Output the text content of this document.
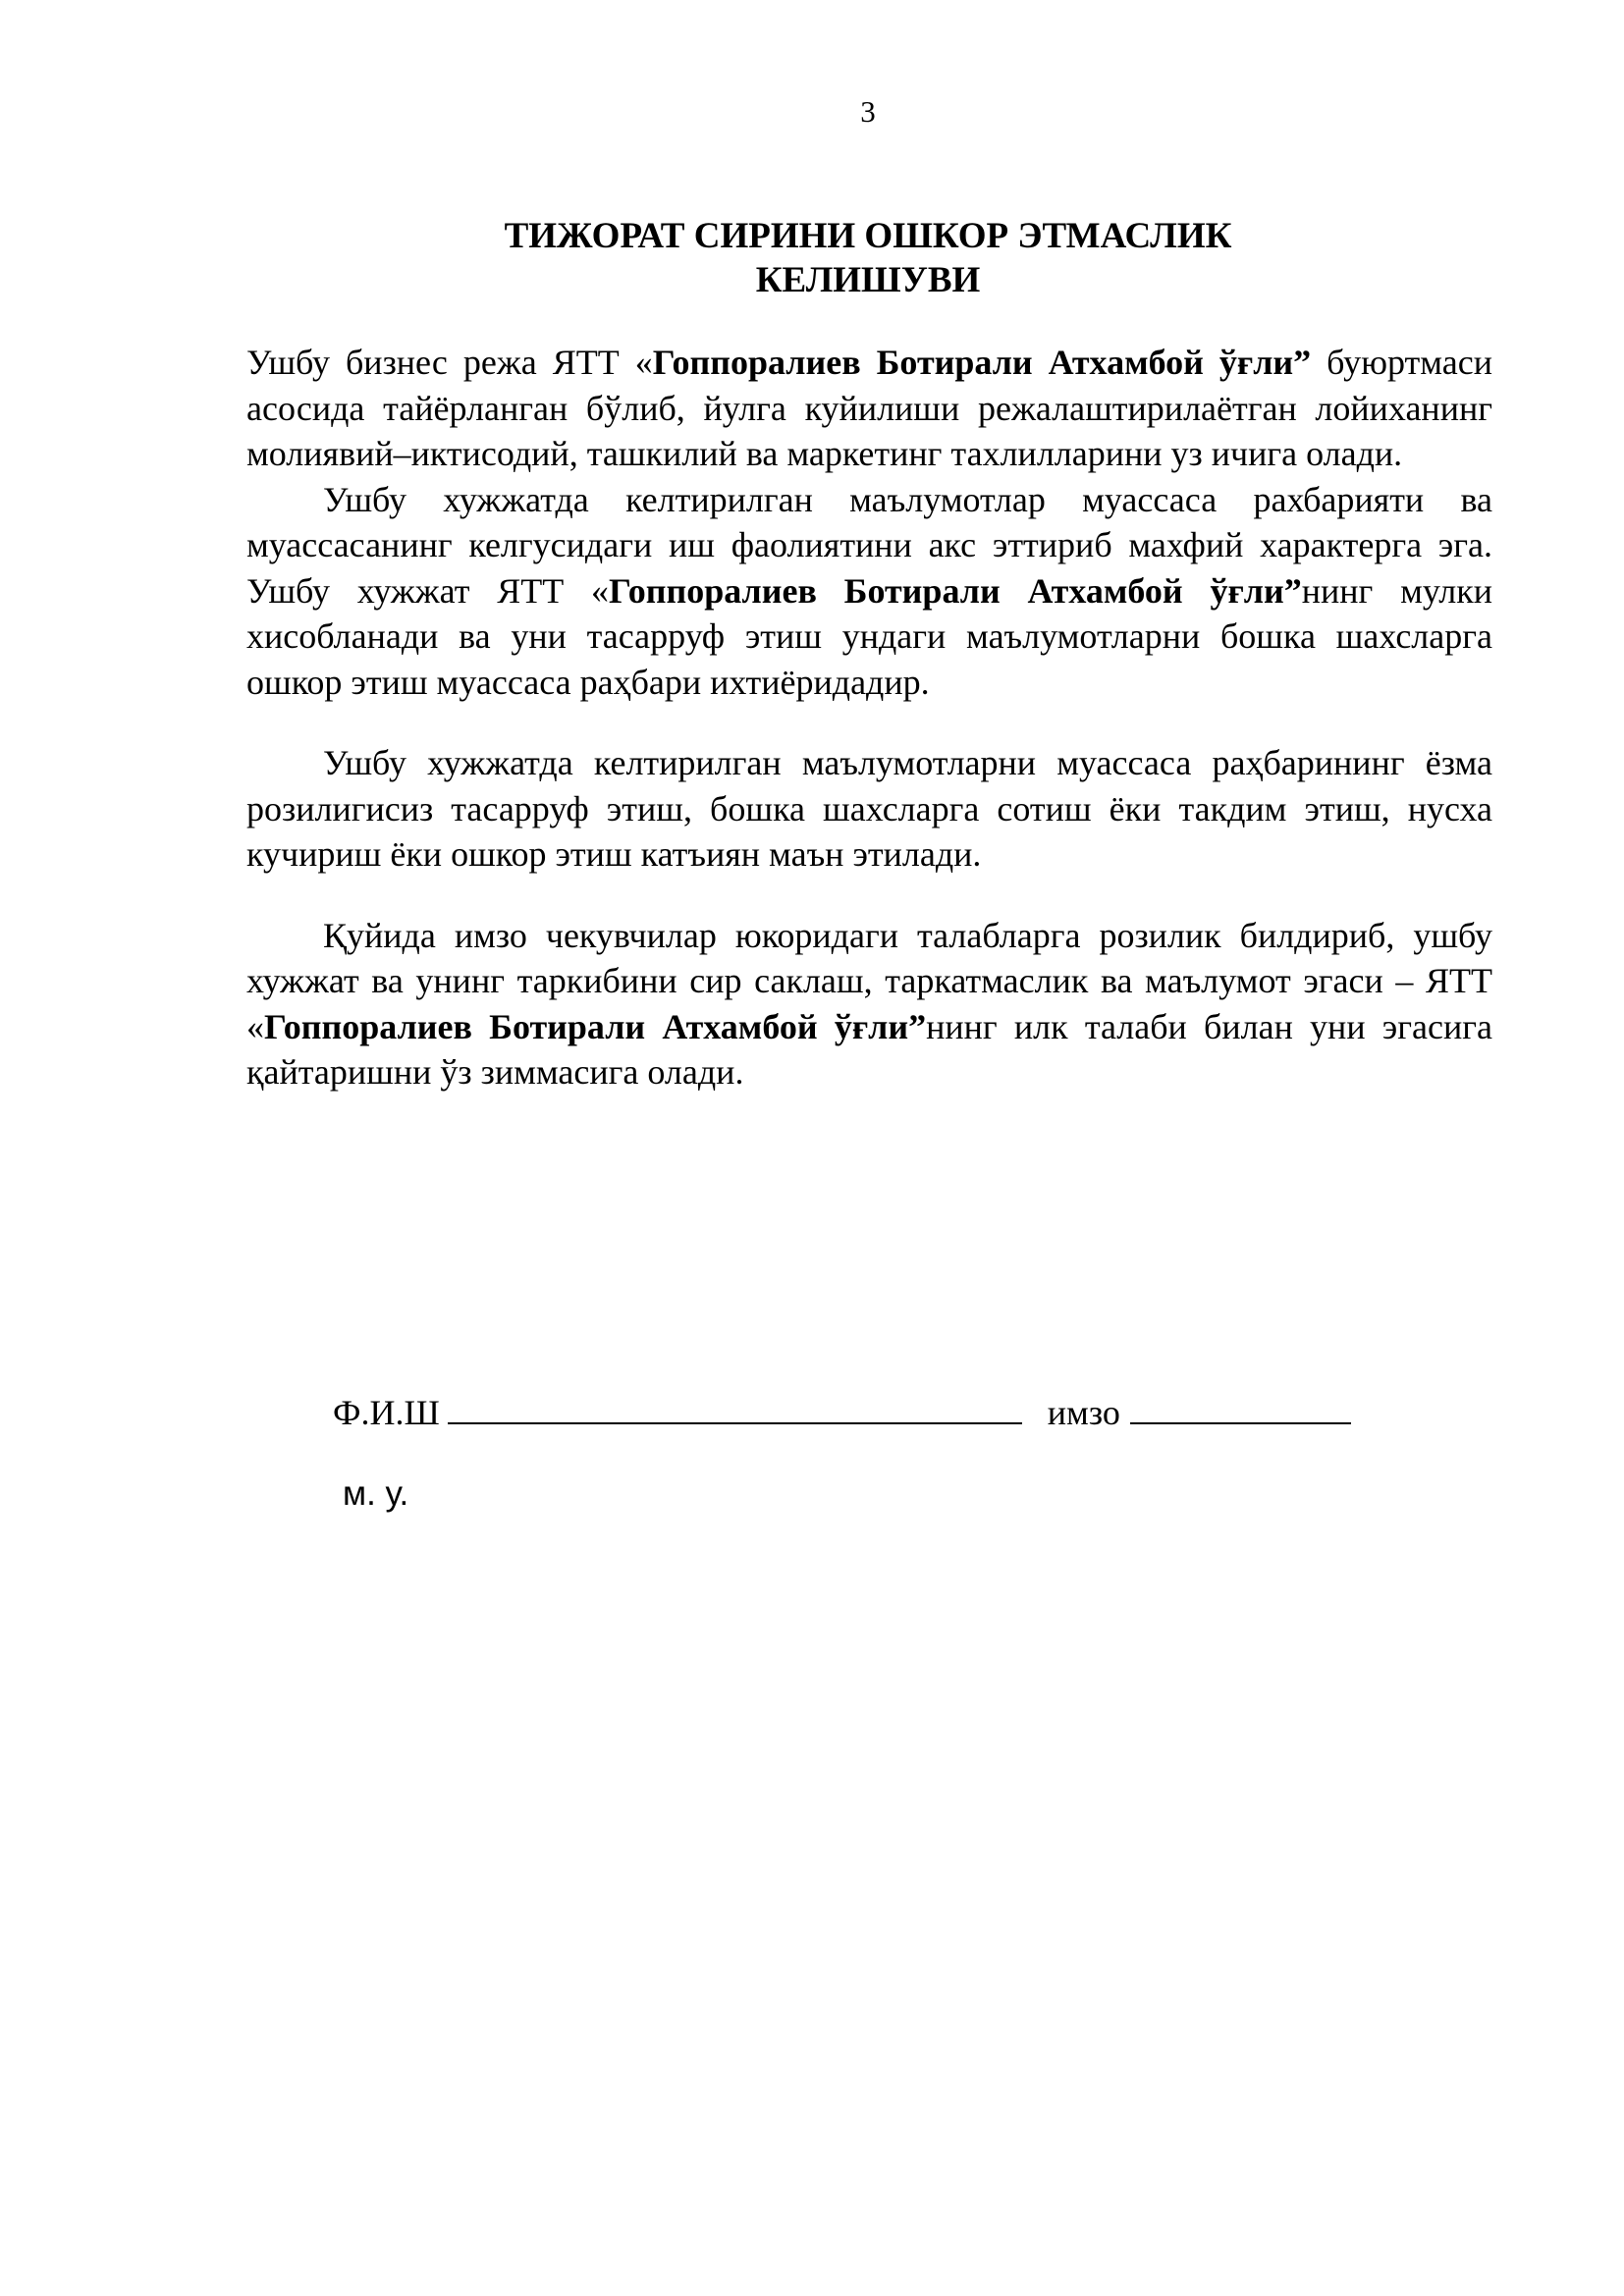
3
ТИЖОРАТ СИРИНИ ОШКОР ЭТМАСЛИК
КЕЛИШУВИ

Ушбу бизнес режа ЯТТ «Гоппоралиев Ботирали Атхамбой ўғли” буюртмаси асосида тайёрланган бўлиб, йулга куйилиши режалаштирилаётган лойиханинг молиявий–иктисодий, ташкилий ва маркетинг тахлилларини уз ичига олади.

Ушбу хужжатда келтирилган маълумотлар муассаса рахбарияти ва муассасанинг келгусидаги иш фаолиятини акс эттириб махфий характерга эга. Ушбу хужжат ЯТТ «Гоппоралиев Ботирали Атхамбой ўғли”нинг мулки хисобланади ва уни тасарруф этиш ундаги маълумотларни бошка шахсларга ошкор этиш муассаса раҳбари ихтиёридадир.

Ушбу хужжатда келтирилган маълумотларни муассаса раҳбарининг ёзма розилигисиз тасарруф этиш, бошка шахсларга сотиш ёки такдим этиш, нусха кучириш ёки ошкор этиш катъиян маън этилади.

Қуйида имзо чекувчилар юкоридаги талабларга розилик билдириб, ушбу хужжат ва унинг таркибини сир саклаш, таркатмаслик ва маълумот эгаси – ЯТТ «Гоппоралиев Ботирали Атхамбой ўғли”нинг илк талаби билан уни эгасига қайтаришни ўз зиммасига олади.

Ф.И.Ш	имзо
м. у.
